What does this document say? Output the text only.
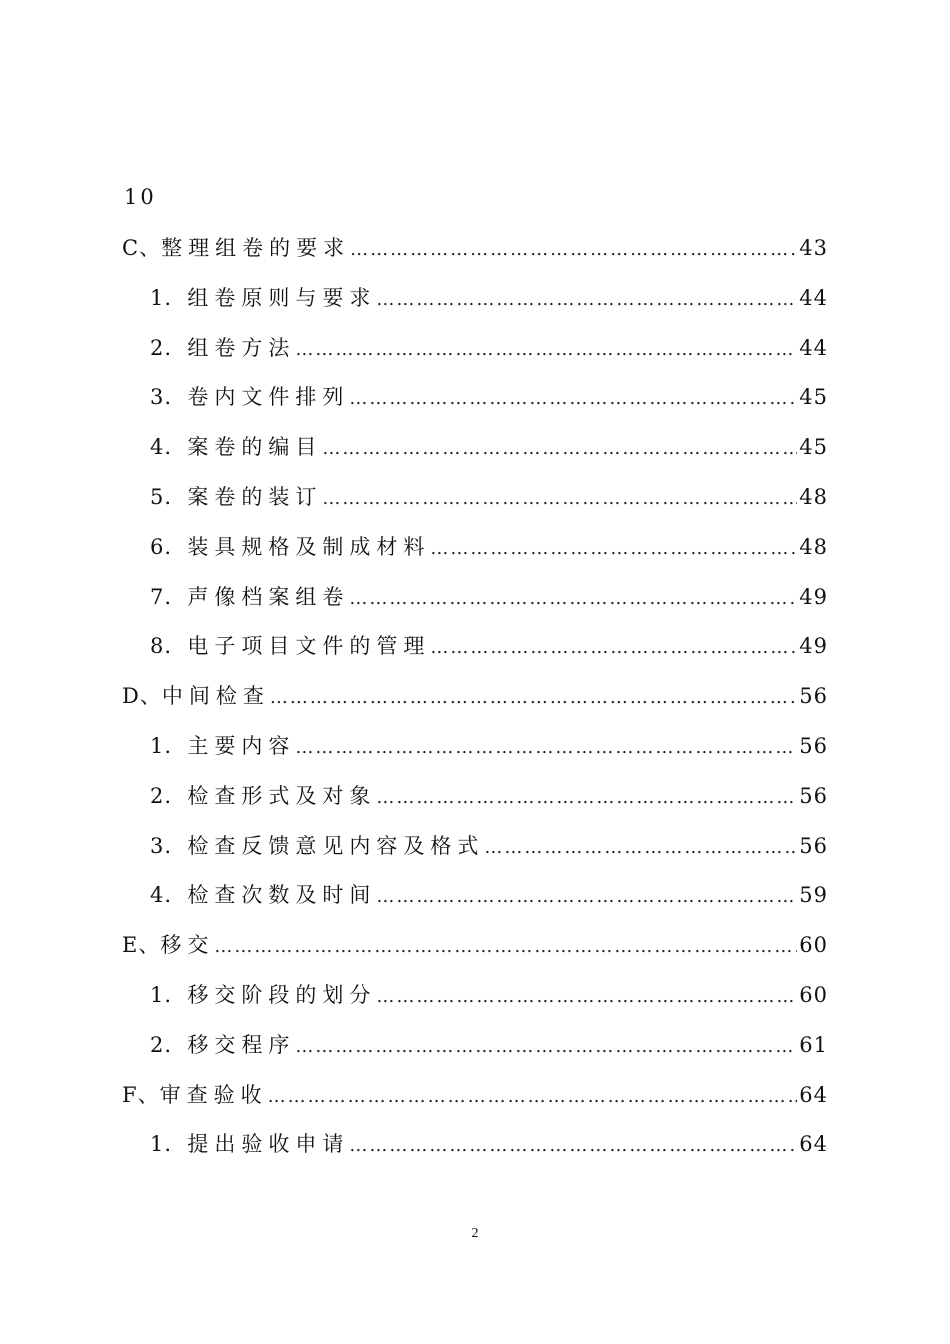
10
C、 整理组卷的要求 ………………………………………………………………………………………………………………………………………………………………………………	43
1. 组卷原则与要求 ………………………………………………………………………………………………………………………………………………………………………………	44
2. 组卷方法 ………………………………………………………………………………………………………………………………………………………………………………	44
3. 卷内文件排列 ………………………………………………………………………………………………………………………………………………………………………………	45
4. 案卷的编目 ………………………………………………………………………………………………………………………………………………………………………………	45
5. 案卷的装订 ………………………………………………………………………………………………………………………………………………………………………………	48
6. 装具规格及制成材料 ………………………………………………………………………………………………………………………………………………………………………………	48
7. 声像档案组卷 ………………………………………………………………………………………………………………………………………………………………………………	49
8. 电子项目文件的管理 ………………………………………………………………………………………………………………………………………………………………………………	49
D、 中间检查 ………………………………………………………………………………………………………………………………………………………………………………	56
1. 主要内容 ………………………………………………………………………………………………………………………………………………………………………………	56
2. 检查形式及对象 ………………………………………………………………………………………………………………………………………………………………………………	56
3. 检查反馈意见内容及格式 ………………………………………………………………………………………………………………………………………………………………………………	56
4. 检查次数及时间 ………………………………………………………………………………………………………………………………………………………………………………	59
E、 移交 ………………………………………………………………………………………………………………………………………………………………………………	60
1. 移交阶段的划分 ………………………………………………………………………………………………………………………………………………………………………………	60
2. 移交程序 ………………………………………………………………………………………………………………………………………………………………………………	61
F、 审查验收 ………………………………………………………………………………………………………………………………………………………………………………	64
1. 提出验收申请 ………………………………………………………………………………………………………………………………………………………………………………	64
2
